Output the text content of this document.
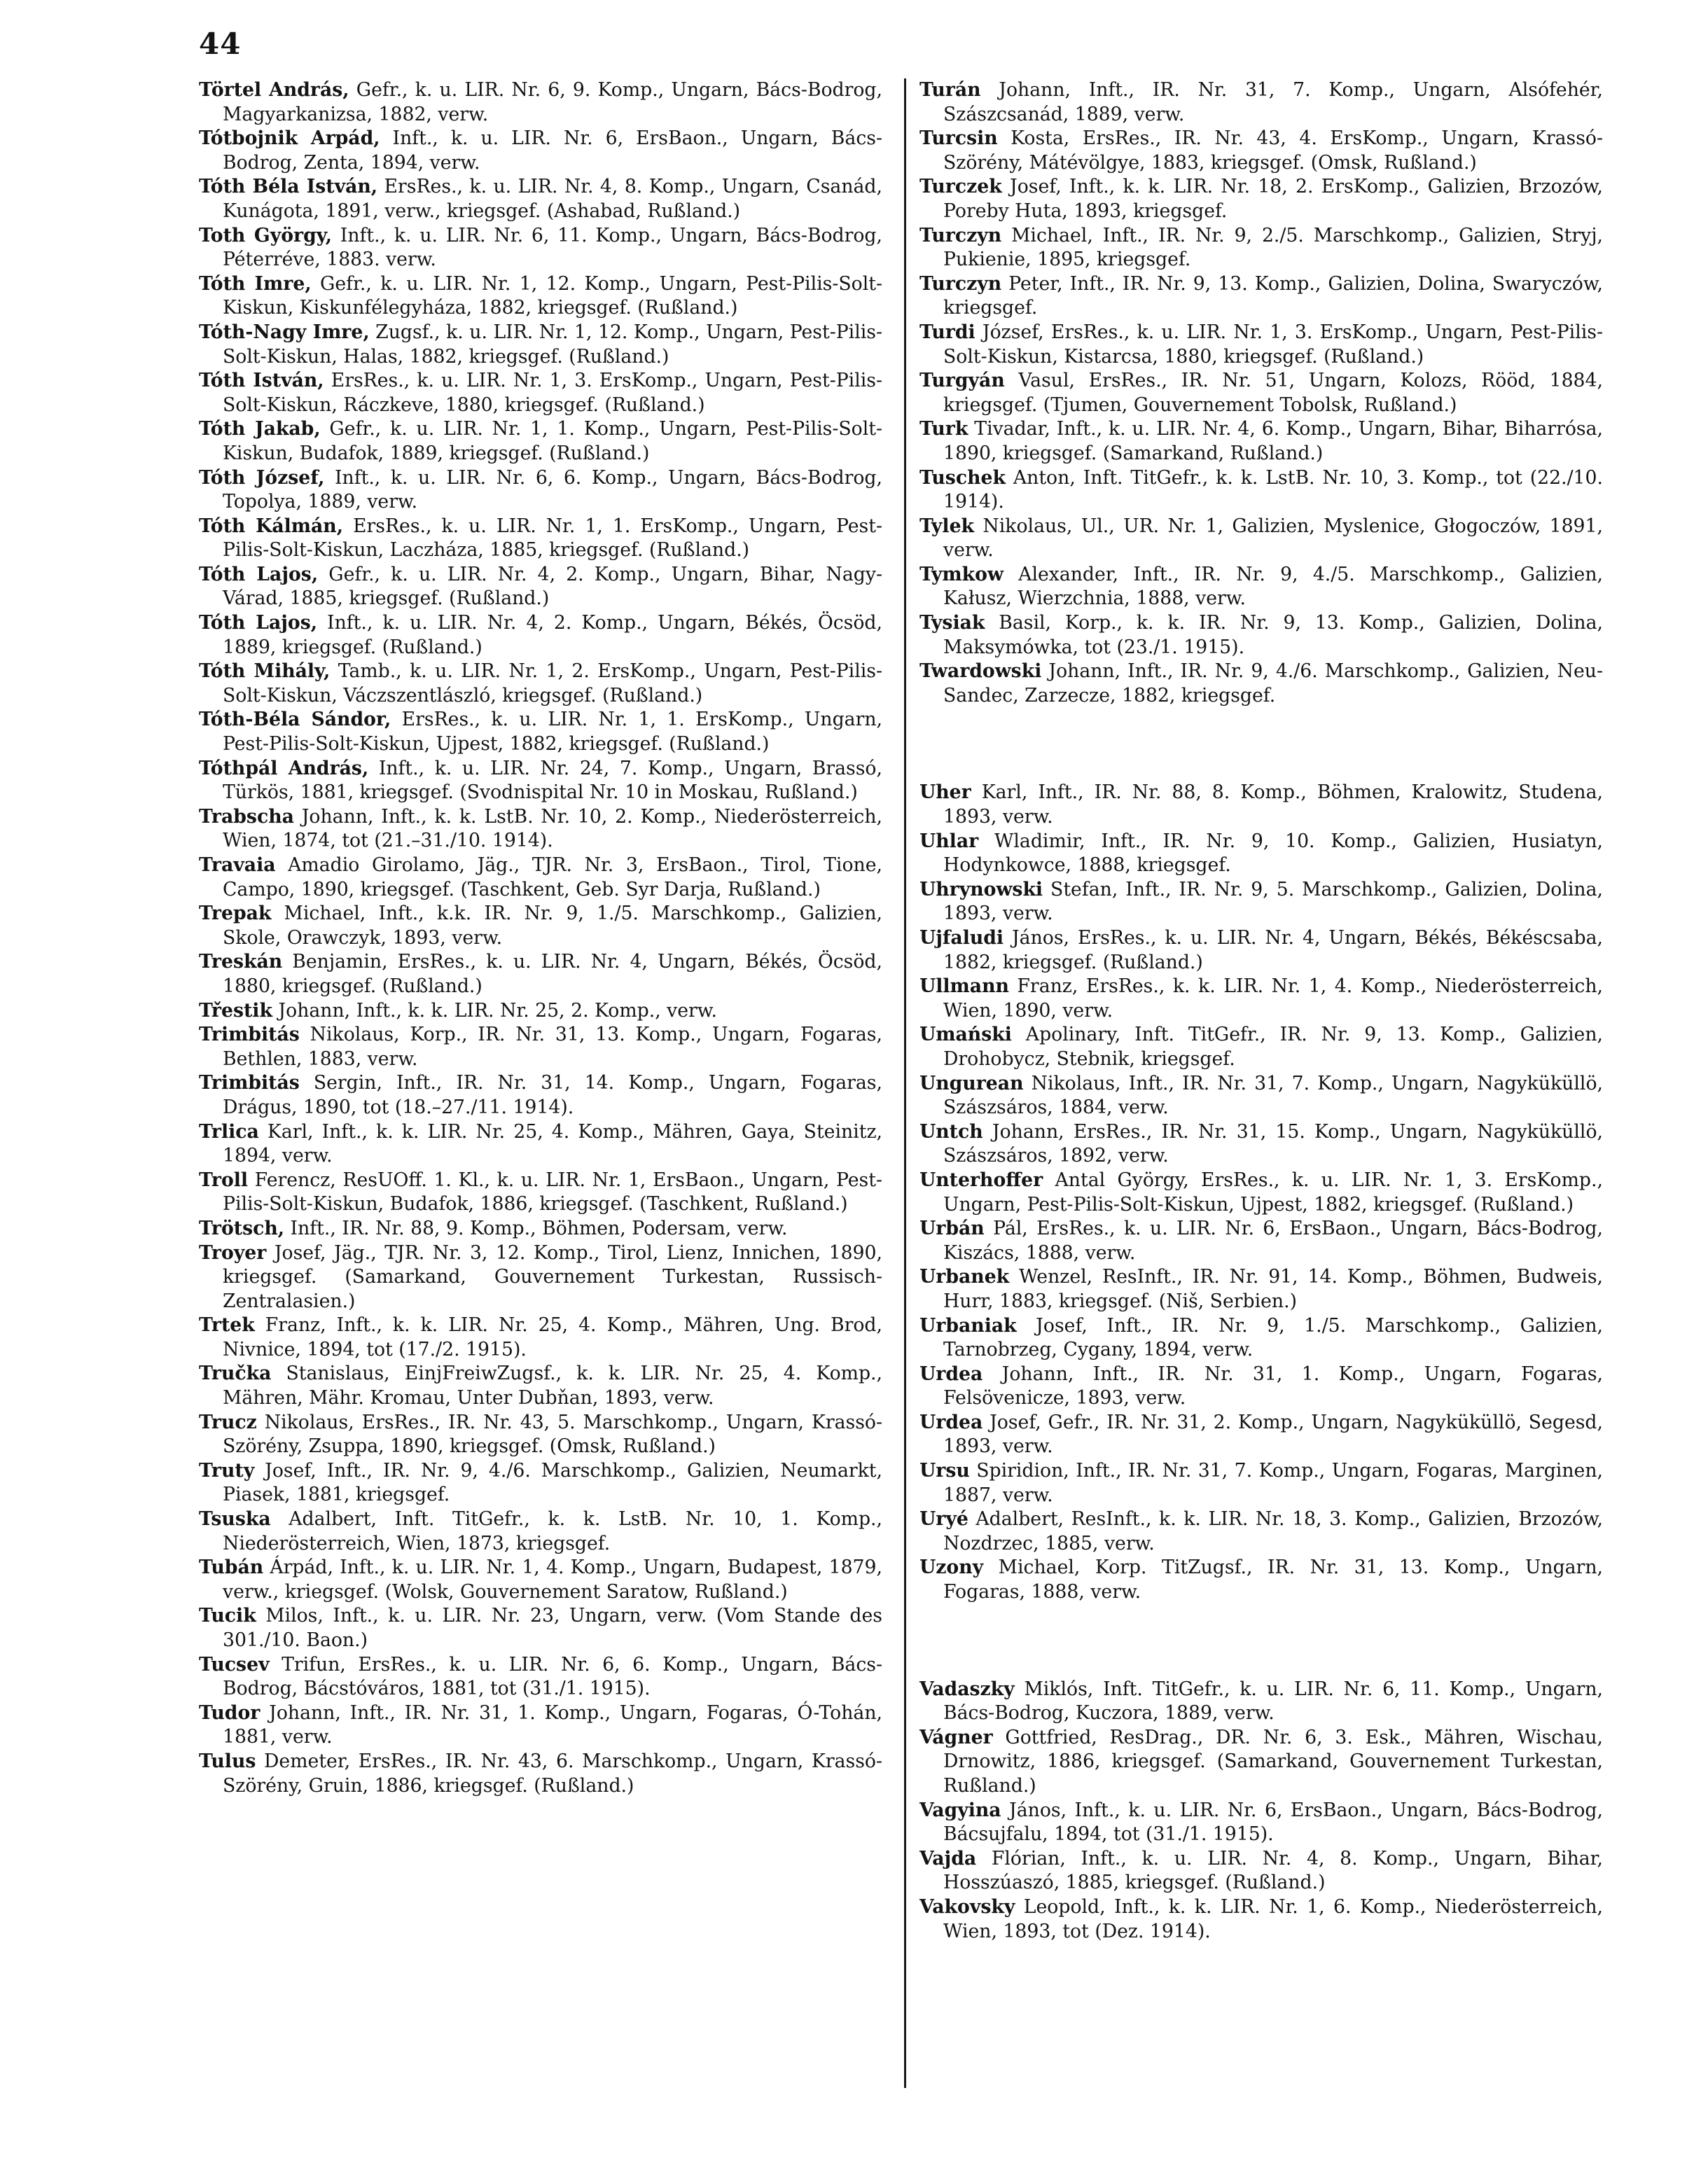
44

Törtel András, Gefr., k. u. LIR. Nr. 6, 9. Komp., Ungarn, Bács-Bodrog, Magyarkanizsa, 1882, verw.

Tótbojnik Arpád, Inft., k. u. LIR. Nr. 6, ErsBaon., Ungarn, Bács-Bodrog, Zenta, 1894, verw.

Tóth Béla István, ErsRes., k. u. LIR. Nr. 4, 8. Komp., Ungarn, Csanád, Kunágota, 1891, verw., kriegsgef. (Ashabad, Rußland.)

Toth György, Inft., k. u. LIR. Nr. 6, 11. Komp., Ungarn, Bács-Bodrog, Péterréve, 1883. verw.

Tóth Imre, Gefr., k. u. LIR. Nr. 1, 12. Komp., Ungarn, Pest-Pilis-Solt-Kiskun, Kiskunfélegyháza, 1882, kriegsgef. (Rußland.)

Tóth-Nagy Imre, Zugsf., k. u. LIR. Nr. 1, 12. Komp., Ungarn, Pest-Pilis-Solt-Kiskun, Halas, 1882, kriegsgef. (Rußland.)

Tóth István, ErsRes., k. u. LIR. Nr. 1, 3. ErsKomp., Ungarn, Pest-Pilis-Solt-Kiskun, Ráczkeve, 1880, kriegsgef. (Rußland.)

Tóth Jakab, Gefr., k. u. LIR. Nr. 1, 1. Komp., Ungarn, Pest-Pilis-Solt-Kiskun, Budafok, 1889, kriegsgef. (Rußland.)

Tóth József, Inft., k. u. LIR. Nr. 6, 6. Komp., Ungarn, Bács-Bodrog, Topolya, 1889, verw.

Tóth Kálmán, ErsRes., k. u. LIR. Nr. 1, 1. ErsKomp., Ungarn, Pest-Pilis-Solt-Kiskun, Laczháza, 1885, kriegsgef. (Rußland.)

Tóth Lajos, Gefr., k. u. LIR. Nr. 4, 2. Komp., Ungarn, Bihar, Nagy-Várad, 1885, kriegsgef. (Rußland.)

Tóth Lajos, Inft., k. u. LIR. Nr. 4, 2. Komp., Ungarn, Békés, Öcsöd, 1889, kriegsgef. (Rußland.)

Tóth Mihály, Tamb., k. u. LIR. Nr. 1, 2. ErsKomp., Ungarn, Pest-Pilis-Solt-Kiskun, Váczszentlászló, kriegsgef. (Rußland.)

Tóth-Béla Sándor, ErsRes., k. u. LIR. Nr. 1, 1. ErsKomp., Ungarn, Pest-Pilis-Solt-Kiskun, Ujpest, 1882, kriegsgef. (Rußland.)

Tóthpál András, Inft., k. u. LIR. Nr. 24, 7. Komp., Ungarn, Brassó, Türkös, 1881, kriegsgef. (Svodnispital Nr. 10 in Moskau, Rußland.)

Trabscha Johann, Inft., k. k. LstB. Nr. 10, 2. Komp., Niederösterreich, Wien, 1874, tot (21.–31./10. 1914).

Travaia Amadio Girolamo, Jäg., TJR. Nr. 3, ErsBaon., Tirol, Tione, Campo, 1890, kriegsgef. (Taschkent, Geb. Syr Darja, Rußland.)

Trepak Michael, Inft., k.k. IR. Nr. 9, 1./5. Marschkomp., Galizien, Skole, Orawczyk, 1893, verw.

Treskán Benjamin, ErsRes., k. u. LIR. Nr. 4, Ungarn, Békés, Öcsöd, 1880, kriegsgef. (Rußland.)

Třestik Johann, Inft., k. k. LIR. Nr. 25, 2. Komp., verw.

Trimbitás Nikolaus, Korp., IR. Nr. 31, 13. Komp., Ungarn, Fogaras, Bethlen, 1883, verw.

Trimbitás Sergin, Inft., IR. Nr. 31, 14. Komp., Ungarn, Fogaras, Drágus, 1890, tot (18.–27./11. 1914).

Trlica Karl, Inft., k. k. LIR. Nr. 25, 4. Komp., Mähren, Gaya, Steinitz, 1894, verw.

Troll Ferencz, ResUOff. 1. Kl., k. u. LIR. Nr. 1, ErsBaon., Ungarn, Pest-Pilis-Solt-Kiskun, Budafok, 1886, kriegsgef. (Taschkent, Rußland.)

Trötsch, Inft., IR. Nr. 88, 9. Komp., Böhmen, Podersam, verw.

Troyer Josef, Jäg., TJR. Nr. 3, 12. Komp., Tirol, Lienz, Innichen, 1890, kriegsgef. (Samarkand, Gouvernement Turkestan, Russisch-Zentralasien.)

Trtek Franz, Inft., k. k. LIR. Nr. 25, 4. Komp., Mähren, Ung. Brod, Nivnice, 1894, tot (17./2. 1915).

Tručka Stanislaus, EinjFreiwZugsf., k. k. LIR. Nr. 25, 4. Komp., Mähren, Mähr. Kromau, Unter Dubňan, 1893, verw.

Trucz Nikolaus, ErsRes., IR. Nr. 43, 5. Marschkomp., Ungarn, Krassó-Szörény, Zsuppa, 1890, kriegsgef. (Omsk, Rußland.)

Truty Josef, Inft., IR. Nr. 9, 4./6. Marschkomp., Galizien, Neumarkt, Piasek, 1881, kriegsgef.

Tsuska Adalbert, Inft. TitGefr., k. k. LstB. Nr. 10, 1. Komp., Niederösterreich, Wien, 1873, kriegsgef.

Tubán Árpád, Inft., k. u. LIR. Nr. 1, 4. Komp., Ungarn, Budapest, 1879, verw., kriegsgef. (Wolsk, Gouvernement Saratow, Rußland.)

Tucik Milos, Inft., k. u. LIR. Nr. 23, Ungarn, verw. (Vom Stande des 301./10. Baon.)

Tucsev Trifun, ErsRes., k. u. LIR. Nr. 6, 6. Komp., Ungarn, Bács-Bodrog, Bácstóváros, 1881, tot (31./1. 1915).

Tudor Johann, Inft., IR. Nr. 31, 1. Komp., Ungarn, Fogaras, Ó-Tohán, 1881, verw.

Tulus Demeter, ErsRes., IR. Nr. 43, 6. Marschkomp., Ungarn, Krassó-Szörény, Gruin, 1886, kriegsgef. (Rußland.)

Turán Johann, Inft., IR. Nr. 31, 7. Komp., Ungarn, Alsófehér, Szászcsanád, 1889, verw.

Turcsin Kosta, ErsRes., IR. Nr. 43, 4. ErsKomp., Ungarn, Krassó-Szörény, Mátévölgye, 1883, kriegsgef. (Omsk, Rußland.)

Turczek Josef, Inft., k. k. LIR. Nr. 18, 2. ErsKomp., Galizien, Brzozów, Poreby Huta, 1893, kriegsgef.

Turczyn Michael, Inft., IR. Nr. 9, 2./5. Marschkomp., Galizien, Stryj, Pukienie, 1895, kriegsgef.

Turczyn Peter, Inft., IR. Nr. 9, 13. Komp., Galizien, Dolina, Swaryczów, kriegsgef.

Turdi József, ErsRes., k. u. LIR. Nr. 1, 3. ErsKomp., Ungarn, Pest-Pilis-Solt-Kiskun, Kistarcsa, 1880, kriegsgef. (Rußland.)

Turgyán Vasul, ErsRes., IR. Nr. 51, Ungarn, Kolozs, Rööd, 1884, kriegsgef. (Tjumen, Gouvernement Tobolsk, Rußland.)

Turk Tivadar, Inft., k. u. LIR. Nr. 4, 6. Komp., Ungarn, Bihar, Biharrósa, 1890, kriegsgef. (Samarkand, Rußland.)

Tuschek Anton, Inft. TitGefr., k. k. LstB. Nr. 10, 3. Komp., tot (22./10. 1914).

Tylek Nikolaus, Ul., UR. Nr. 1, Galizien, Myslenice, Głogoczów, 1891, verw.

Tymkow Alexander, Inft., IR. Nr. 9, 4./5. Marschkomp., Galizien, Kałusz, Wierzchnia, 1888, verw.

Tysiak Basil, Korp., k. k. IR. Nr. 9, 13. Komp., Galizien, Dolina, Maksymówka, tot (23./1. 1915).

Twardowski Johann, Inft., IR. Nr. 9, 4./6. Marschkomp., Galizien, Neu-Sandec, Zarzecze, 1882, kriegsgef.

Uher Karl, Inft., IR. Nr. 88, 8. Komp., Böhmen, Kralowitz, Studena, 1893, verw.

Uhlar Wladimir, Inft., IR. Nr. 9, 10. Komp., Galizien, Husiatyn, Hodynkowce, 1888, kriegsgef.

Uhrynowski Stefan, Inft., IR. Nr. 9, 5. Marschkomp., Galizien, Dolina, 1893, verw.

Ujfaludi János, ErsRes., k. u. LIR. Nr. 4, Ungarn, Békés, Békéscsaba, 1882, kriegsgef. (Rußland.)

Ullmann Franz, ErsRes., k. k. LIR. Nr. 1, 4. Komp., Niederösterreich, Wien, 1890, verw.

Umański Apolinary, Inft. TitGefr., IR. Nr. 9, 13. Komp., Galizien, Drohobycz, Stebnik, kriegsgef.

Ungurean Nikolaus, Inft., IR. Nr. 31, 7. Komp., Ungarn, Nagyküküllö, Szászsáros, 1884, verw.

Untch Johann, ErsRes., IR. Nr. 31, 15. Komp., Ungarn, Nagyküküllö, Szászsáros, 1892, verw.

Unterhoffer Antal György, ErsRes., k. u. LIR. Nr. 1, 3. ErsKomp., Ungarn, Pest-Pilis-Solt-Kiskun, Ujpest, 1882, kriegsgef. (Rußland.)

Urbán Pál, ErsRes., k. u. LIR. Nr. 6, ErsBaon., Ungarn, Bács-Bodrog, Kiszács, 1888, verw.

Urbanek Wenzel, ResInft., IR. Nr. 91, 14. Komp., Böhmen, Budweis, Hurr, 1883, kriegsgef. (Niš, Serbien.)

Urbaniak Josef, Inft., IR. Nr. 9, 1./5. Marschkomp., Galizien, Tarnobrzeg, Cygany, 1894, verw.

Urdea Johann, Inft., IR. Nr. 31, 1. Komp., Ungarn, Fogaras, Felsövenicze, 1893, verw.

Urdea Josef, Gefr., IR. Nr. 31, 2. Komp., Ungarn, Nagyküküllö, Segesd, 1893, verw.

Ursu Spiridion, Inft., IR. Nr. 31, 7. Komp., Ungarn, Fogaras, Marginen, 1887, verw.

Uryé Adalbert, ResInft., k. k. LIR. Nr. 18, 3. Komp., Galizien, Brzozów, Nozdrzec, 1885, verw.

Uzony Michael, Korp. TitZugsf., IR. Nr. 31, 13. Komp., Ungarn, Fogaras, 1888, verw.

Vadaszky Miklós, Inft. TitGefr., k. u. LIR. Nr. 6, 11. Komp., Ungarn, Bács-Bodrog, Kuczora, 1889, verw.

Vágner Gottfried, ResDrag., DR. Nr. 6, 3. Esk., Mähren, Wischau, Drnowitz, 1886, kriegsgef. (Samarkand, Gouvernement Turkestan, Rußland.)

Vagyina János, Inft., k. u. LIR. Nr. 6, ErsBaon., Ungarn, Bács-Bodrog, Bácsujfalu, 1894, tot (31./1. 1915).

Vajda Flórian, Inft., k. u. LIR. Nr. 4, 8. Komp., Ungarn, Bihar, Hosszúaszó, 1885, kriegsgef. (Rußland.)

Vakovsky Leopold, Inft., k. k. LIR. Nr. 1, 6. Komp., Niederösterreich, Wien, 1893, tot (Dez. 1914).
